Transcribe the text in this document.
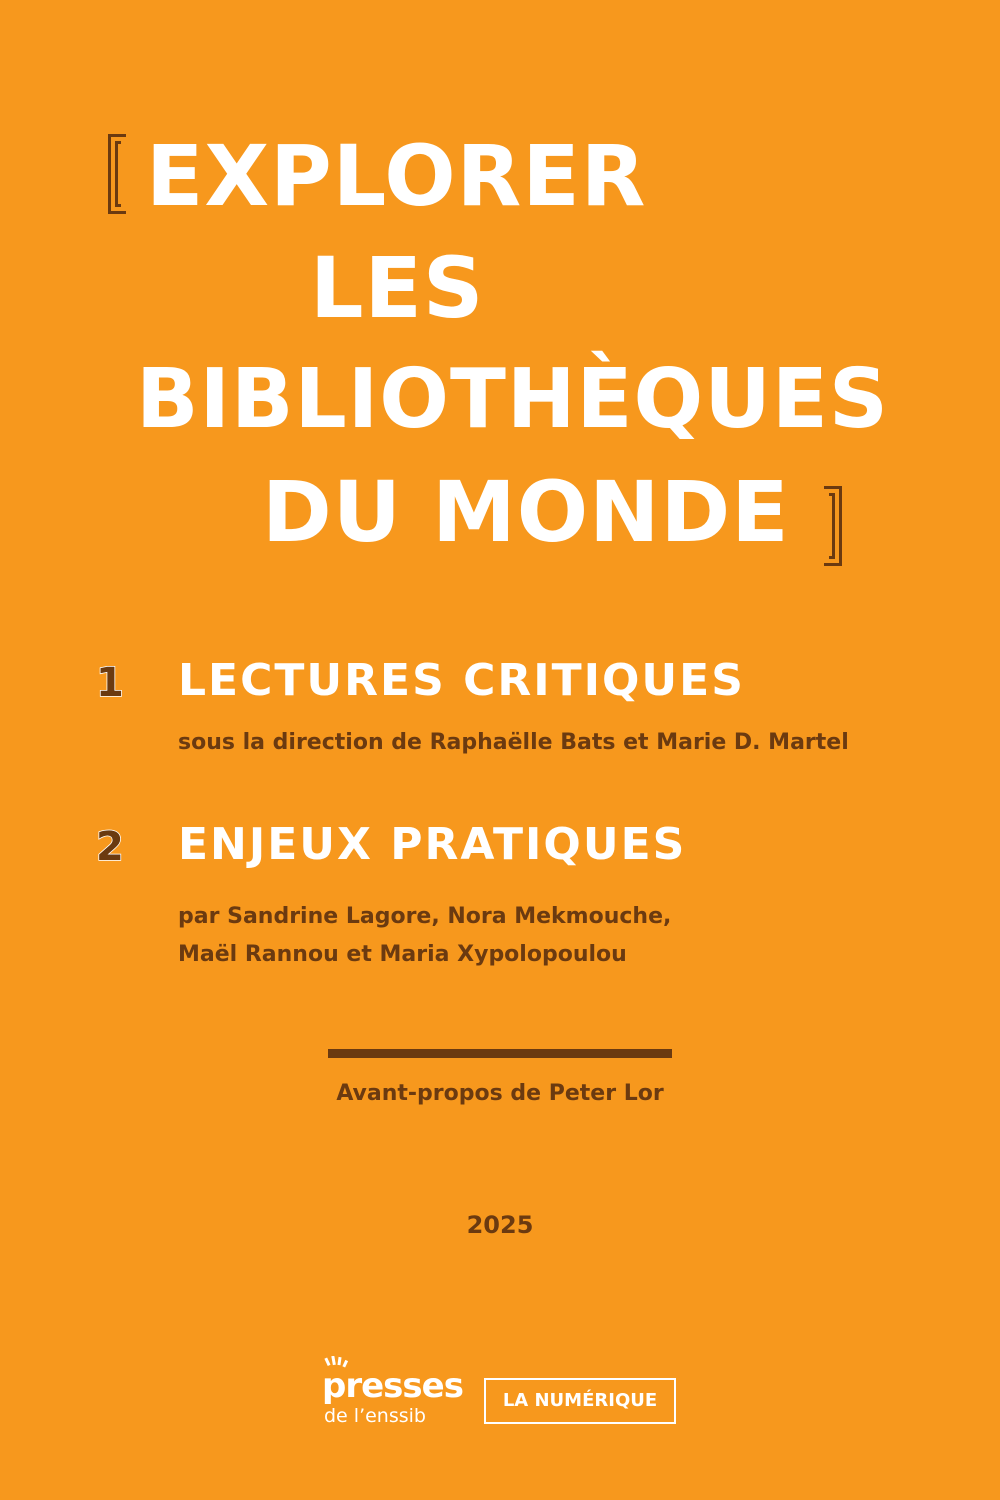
EXPLORER
LES
BIBLIOTHÈQUES
DU MONDE
1 LECTURES CRITIQUES
sous la direction de Raphaëlle Bats et Marie D. Martel
2 ENJEUX PRATIQUES
par Sandrine Lagore, Nora Mekmouche,
Maël Rannou et Maria Xypolopoulou
Avant-propos de Peter Lor
2025
presses
de l’enssib
LA NUMÉRIQUE
